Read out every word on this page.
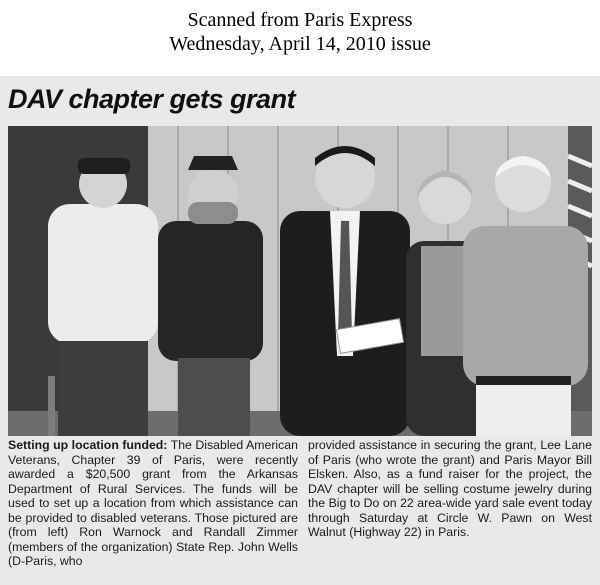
Scanned from Paris Express
Wednesday, April 14, 2010 issue
DAV chapter gets grant
Setting up location funded: The Disabled American Veterans, Chapter 39 of Paris, were recently awarded a $20,500 grant from the Arkansas Department of Rural Services. The funds will be used to set up a location from which assistance can be provided to disabled veterans. Those pictured are (from left) Ron Warnock and Randall Zimmer (members of the organization) State Rep. John Wells (D-Paris, who
provided assistance in securing the grant, Lee Lane of Paris (who wrote the grant) and Paris Mayor Bill Elsken. Also, as a fund raiser for the project, the DAV chapter will be selling costume jewelry during the Big to Do on 22 area-wide yard sale event today through Saturday at Circle W. Pawn on West Walnut (Highway 22) in Paris.
